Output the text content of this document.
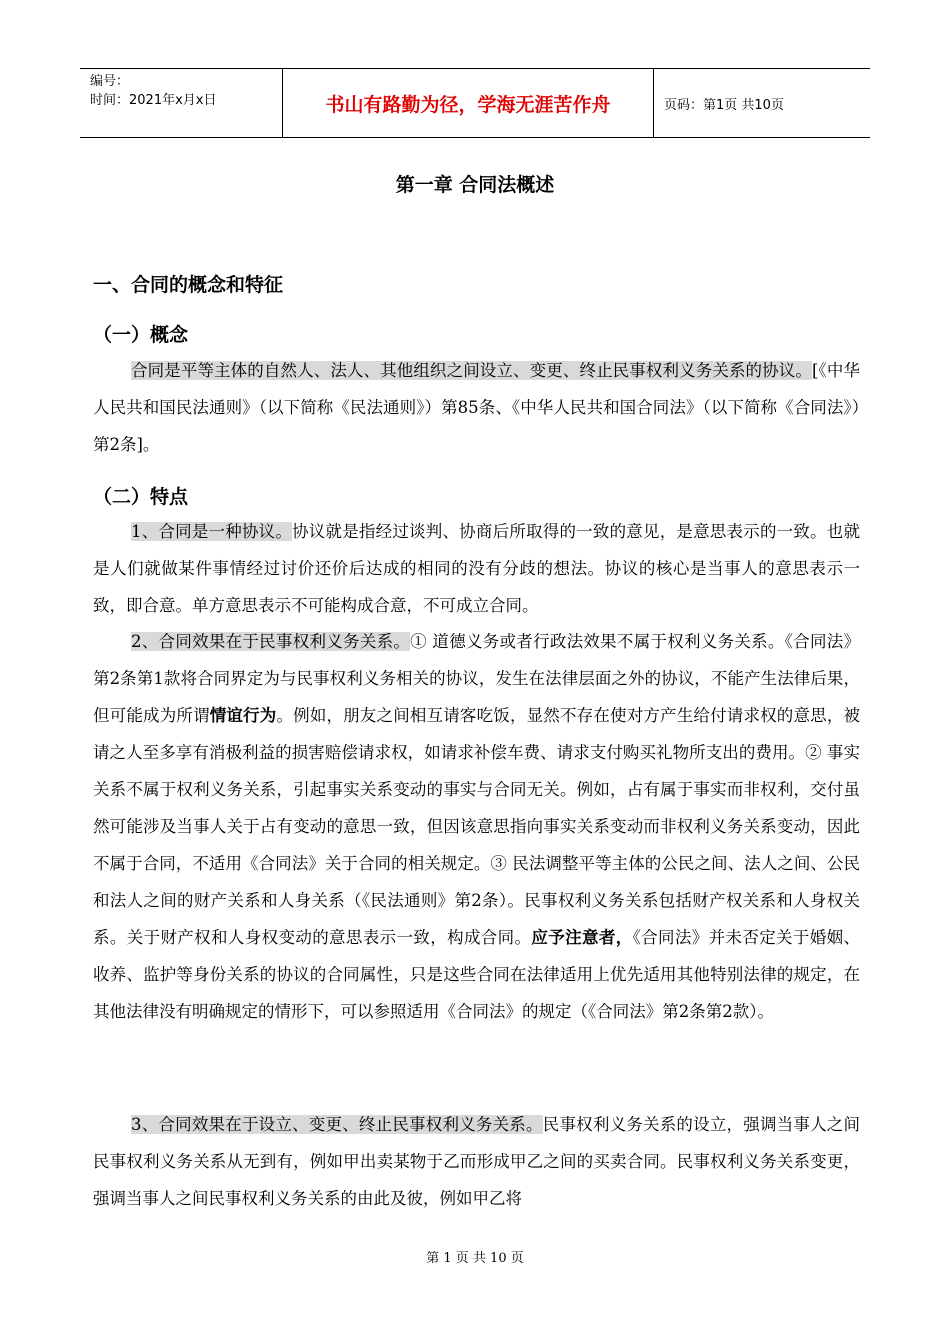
编号：
时间：2021年x月x日	书山有路勤为径，学海无涯苦作舟	页码：第1页 共10页
第一章 合同法概述
一、合同的概念和特征
（一）概念

合同是平等主体的自然人、法人、其他组织之间设立、变更、终止民事权利义务关系的协议。[《中华人民共和国民法通则》（以下简称《民法通则》）第85条、《中华人民共和国合同法》（以下简称《合同法》）第2条]。

（二）特点

1、合同是一种协议。协议就是指经过谈判、协商后所取得的一致的意见，是意思表示的一致。也就是人们就做某件事情经过讨价还价后达成的相同的没有分歧的想法。协议的核心是当事人的意思表示一致，即合意。单方意思表示不可能构成合意，不可成立合同。

2、合同效果在于民事权利义务关系。① 道德义务或者行政法效果不属于权利义务关系。《合同法》第2条第1款将合同界定为与民事权利义务相关的协议，发生在法律层面之外的协议，不能产生法律后果，但可能成为所谓情谊行为。例如，朋友之间相互请客吃饭，显然不存在使对方产生给付请求权的意思，被请之人至多享有消极利益的损害赔偿请求权，如请求补偿车费、请求支付购买礼物所支出的费用。② 事实关系不属于权利义务关系，引起事实关系变动的事实与合同无关。例如，占有属于事实而非权利，交付虽然可能涉及当事人关于占有变动的意思一致，但因该意思指向事实关系变动而非权利义务关系变动，因此不属于合同，不适用《合同法》关于合同的相关规定。③ 民法调整平等主体的公民之间、法人之间、公民和法人之间的财产关系和人身关系（《民法通则》第2条）。民事权利义务关系包括财产权关系和人身权关系。关于财产权和人身权变动的意思表示一致，构成合同。应予注意者，《合同法》并未否定关于婚姻、收养、监护等身份关系的协议的合同属性，只是这些合同在法律适用上优先适用其他特别法律的规定，在其他法律没有明确规定的情形下，可以参照适用《合同法》的规定（《合同法》第2条第2款）。

3、合同效果在于设立、变更、终止民事权利义务关系。民事权利义务关系的设立，强调当事人之间民事权利义务关系从无到有，例如甲出卖某物于乙而形成甲乙之间的买卖合同。民事权利义务关系变更，强调当事人之间民事权利义务关系的由此及彼，例如甲乙将

第 1 页 共 10 页
